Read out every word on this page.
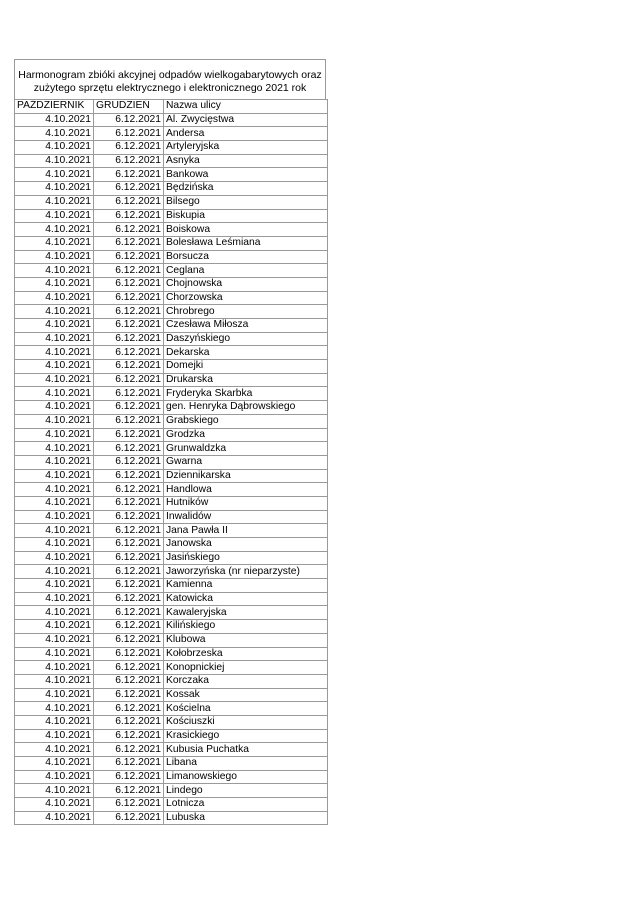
Harmonogram zbióki akcyjnej odpadów wielkogabarytowych oraz
zużytego sprzętu elektrycznego i elektronicznego 2021 rok
PAŹDZIERNIK	GRUDZIEŃ	Nazwa ulicy
4.10.2021	6.12.2021	Al. Zwycięstwa
4.10.2021	6.12.2021	Andersa
4.10.2021	6.12.2021	Artyleryjska
4.10.2021	6.12.2021	Asnyka
4.10.2021	6.12.2021	Bankowa
4.10.2021	6.12.2021	Będzińska
4.10.2021	6.12.2021	Bilsego
4.10.2021	6.12.2021	Biskupia
4.10.2021	6.12.2021	Boiskowa
4.10.2021	6.12.2021	Bolesława Leśmiana
4.10.2021	6.12.2021	Borsucza
4.10.2021	6.12.2021	Ceglana
4.10.2021	6.12.2021	Chojnowska
4.10.2021	6.12.2021	Chorzowska
4.10.2021	6.12.2021	Chrobrego
4.10.2021	6.12.2021	Czesława Miłosza
4.10.2021	6.12.2021	Daszyńskiego
4.10.2021	6.12.2021	Dekarska
4.10.2021	6.12.2021	Domejki
4.10.2021	6.12.2021	Drukarska
4.10.2021	6.12.2021	Fryderyka Skarbka
4.10.2021	6.12.2021	gen. Henryka Dąbrowskiego
4.10.2021	6.12.2021	Grabskiego
4.10.2021	6.12.2021	Grodzka
4.10.2021	6.12.2021	Grunwaldzka
4.10.2021	6.12.2021	Gwarna
4.10.2021	6.12.2021	Dziennikarska
4.10.2021	6.12.2021	Handlowa
4.10.2021	6.12.2021	Hutników
4.10.2021	6.12.2021	Inwalidów
4.10.2021	6.12.2021	Jana Pawła II
4.10.2021	6.12.2021	Janowska
4.10.2021	6.12.2021	Jasińskiego
4.10.2021	6.12.2021	Jaworzyńska (nr nieparzyste)
4.10.2021	6.12.2021	Kamienna
4.10.2021	6.12.2021	Katowicka
4.10.2021	6.12.2021	Kawaleryjska
4.10.2021	6.12.2021	Kilińskiego
4.10.2021	6.12.2021	Klubowa
4.10.2021	6.12.2021	Kołobrzeska
4.10.2021	6.12.2021	Konopnickiej
4.10.2021	6.12.2021	Korczaka
4.10.2021	6.12.2021	Kossak
4.10.2021	6.12.2021	Kościelna
4.10.2021	6.12.2021	Kościuszki
4.10.2021	6.12.2021	Krasickiego
4.10.2021	6.12.2021	Kubusia Puchatka
4.10.2021	6.12.2021	Libana
4.10.2021	6.12.2021	Limanowskiego
4.10.2021	6.12.2021	Lindego
4.10.2021	6.12.2021	Lotnicza
4.10.2021	6.12.2021	Lubuska
